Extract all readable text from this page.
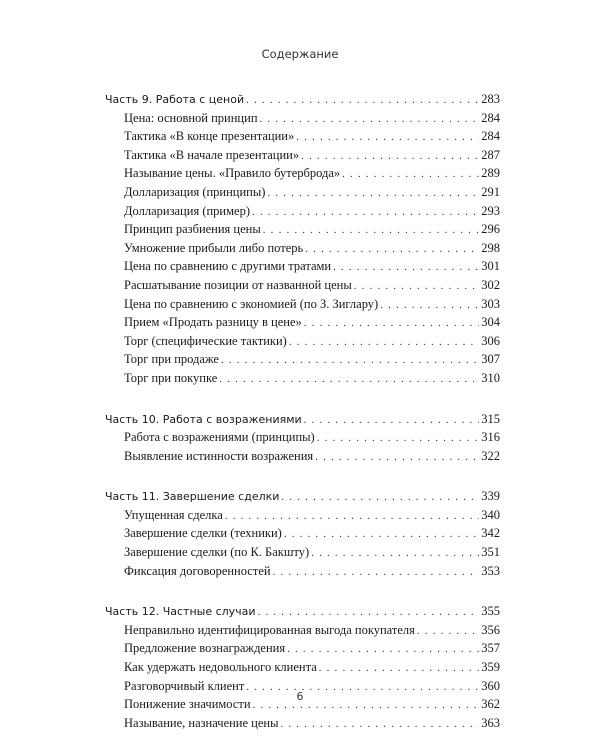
Содержание
Часть 9. Работа с ценой . . .	283
Цена: основной принцип . . .	284
Тактика «В конце презентации» . . .	284
Тактика «В начале презентации» . . .	287
Называние цены. «Правило бутерброда» . . .	289
Долларизация (принципы) . . .	291
Долларизация (пример) . . .	293
Принцип разбиения цены . . .	296
Умножение прибыли либо потерь . . .	298
Цена по сравнению с другими тратами . . .	301
Расшатывание позиции от названной цены . . .	302
Цена по сравнению с экономией (по З. Зиглару) . . .	303
Прием «Продать разницу в цене» . . .	304
Торг (специфические тактики) . . .	306
Торг при продаже . . .	307
Торг при покупке . . .	310
Часть 10. Работа с возражениями . . .	315
Работа с возражениями (принципы) . . .	316
Выявление истинности возражения . . .	322
Часть 11. Завершение сделки . . .	339
Упущенная сделка . . .	340
Завершение сделки (техники) . . .	342
Завершение сделки (по К. Бакшту) . . .	351
Фиксация договоренностей . . .	353
Часть 12. Частные случаи . . .	355
Неправильно идентифицированная выгода покупателя . . .	356
Предложение вознаграждения . . .	357
Как удержать недовольного клиента . . .	359
Разговорчивый клиент . . .	360
Понижение значимости . . .	362
Называние, назначение цены . . .	363
6
